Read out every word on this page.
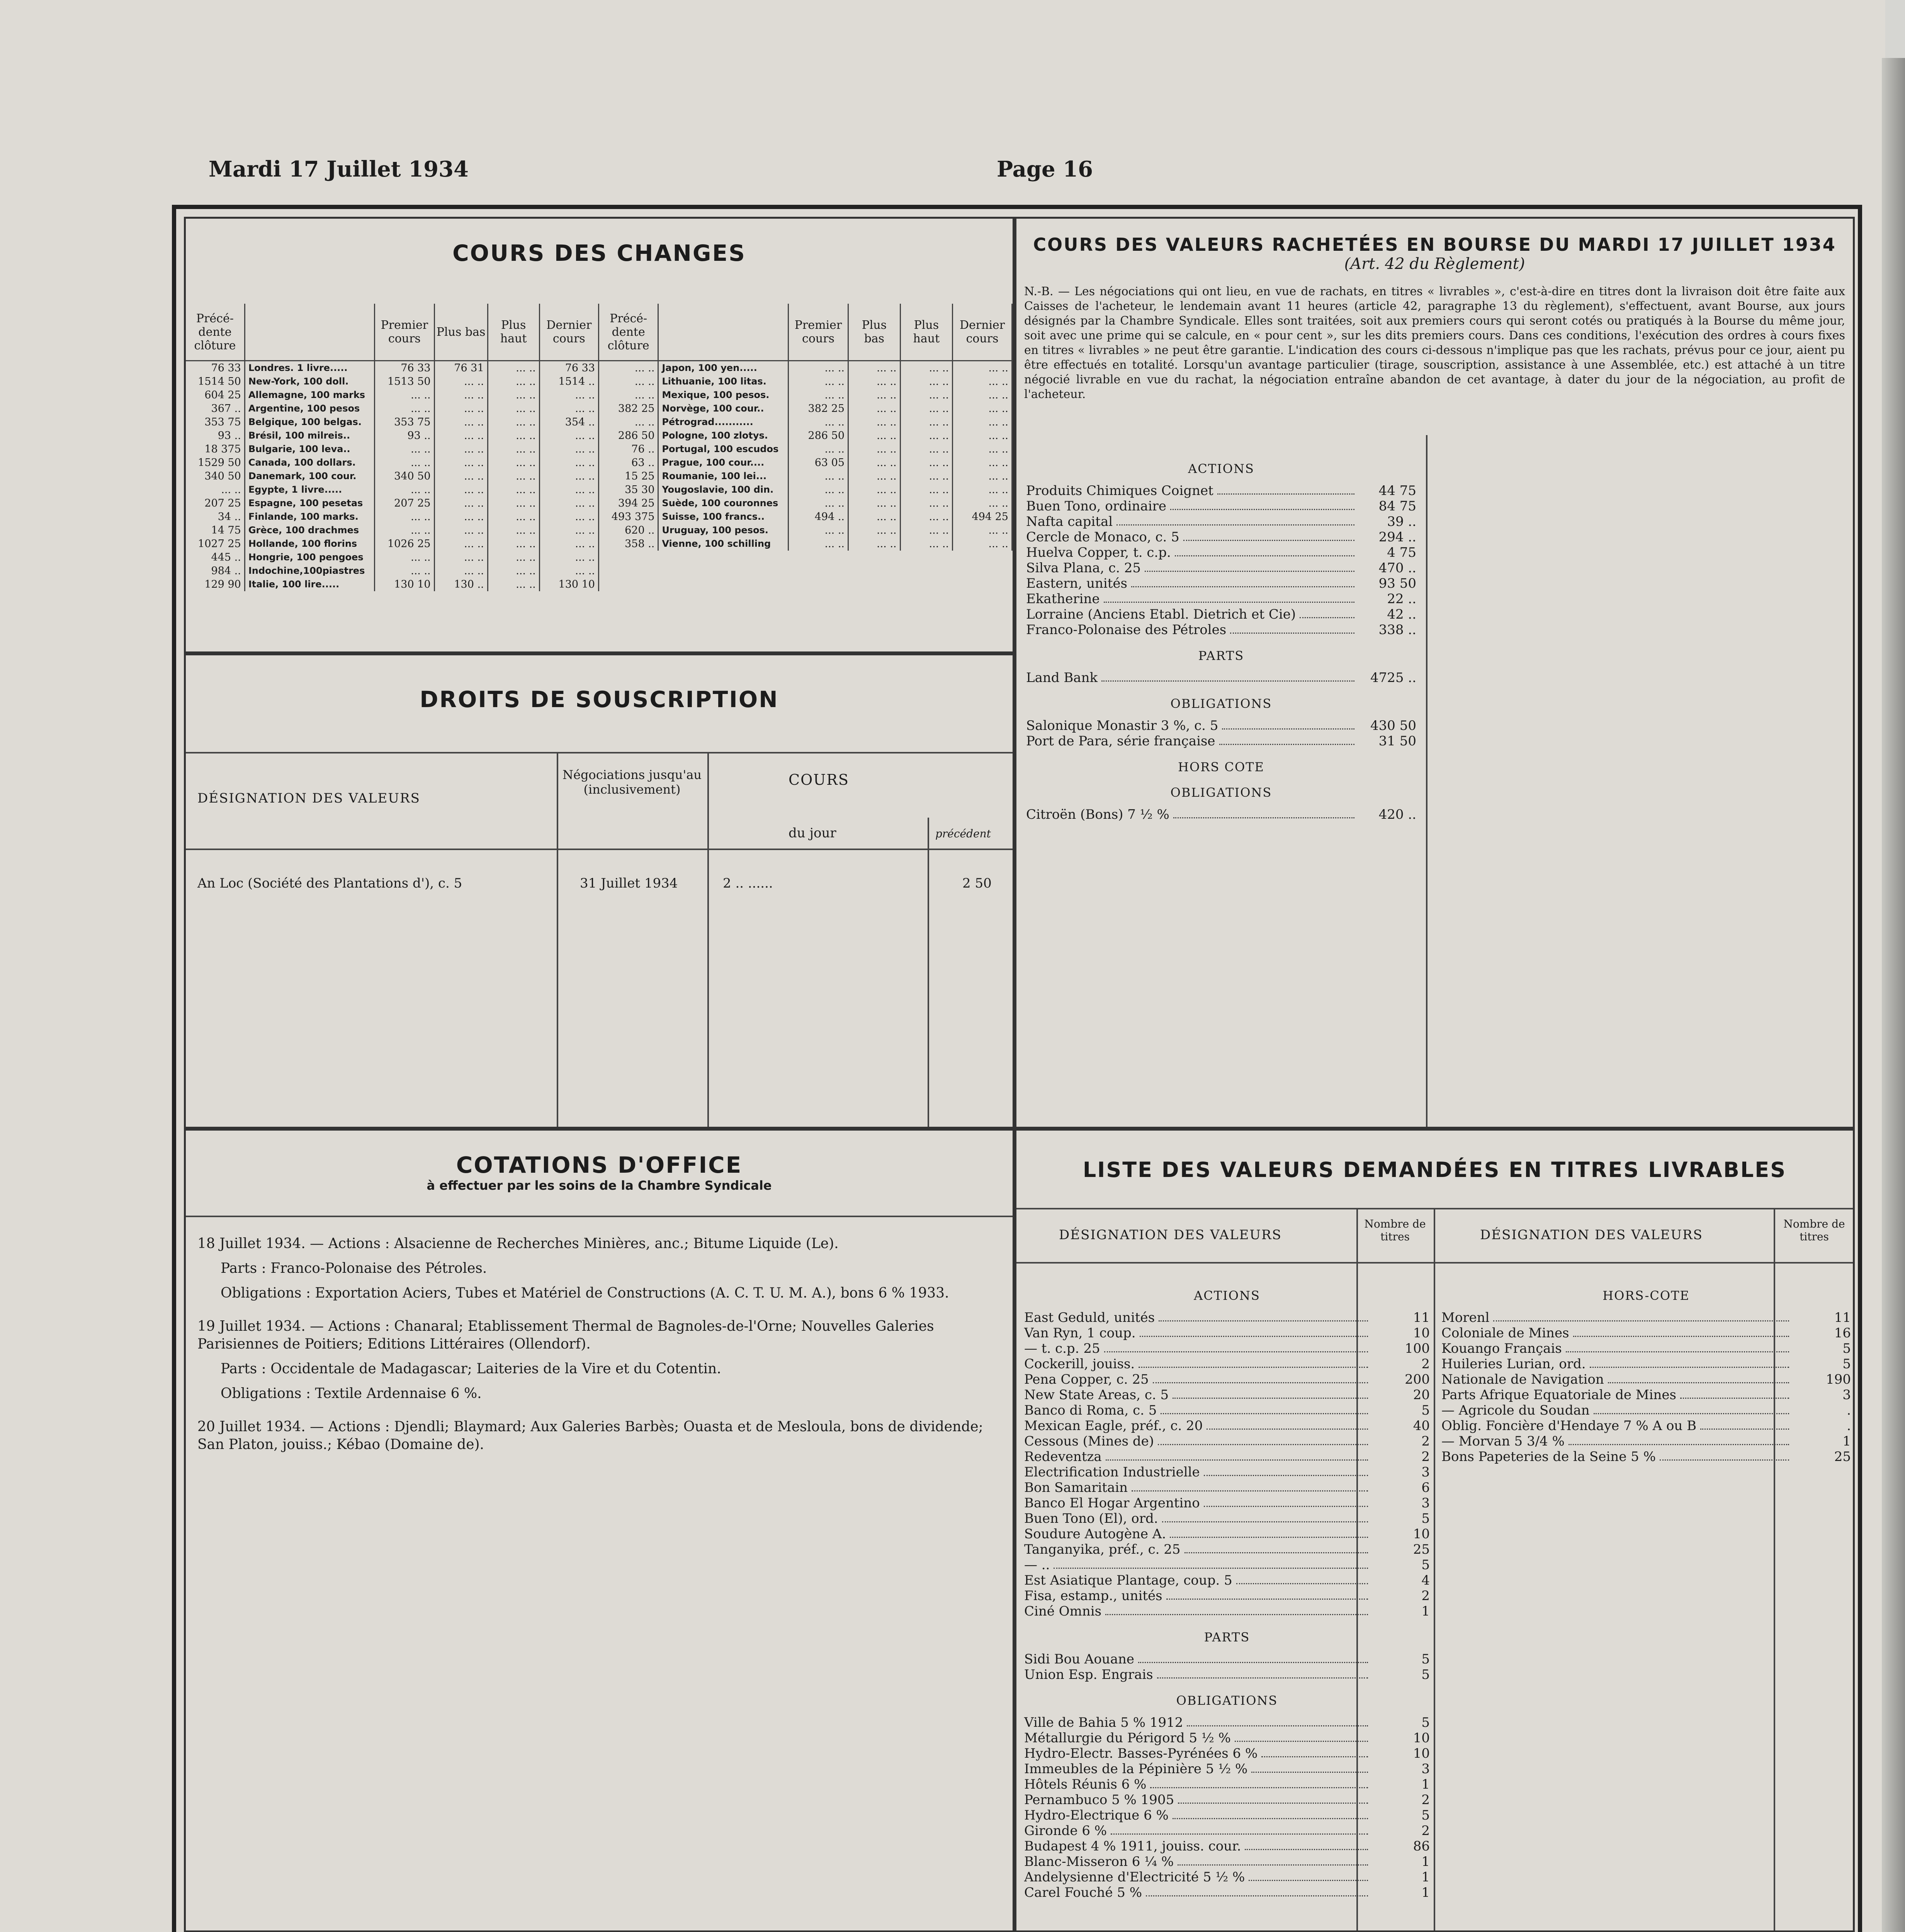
Mardi 17 Juillet 1934	Page 16
COURS DES CHANGES
Précé-dente clôture		Premier cours	Plus bas	Plus haut	Dernier cours
76 33	Londres. 1 livre.....	76 33	76 31	... ..	76 33
1514 50	New-York, 100 doll.	1513 50	... ..	... ..	1514 ..
604 25	Allemagne, 100 marks	... ..	... ..	... ..	... ..
367 ..	Argentine, 100 pesos	... ..	... ..	... ..	... ..
353 75	Belgique, 100 belgas.	353 75	... ..	... ..	354 ..
93 ..	Brésil, 100 milreis..	93 ..	... ..	... ..	... ..
18 375	Bulgarie, 100 leva..	... ..	... ..	... ..	... ..
1529 50	Canada, 100 dollars.	... ..	... ..	... ..	... ..
340 50	Danemark, 100 cour.	340 50	... ..	... ..	... ..
... ..	Egypte, 1 livre.....	... ..	... ..	... ..	... ..
207 25	Espagne, 100 pesetas	207 25	... ..	... ..	... ..
34 ..	Finlande, 100 marks.	... ..	... ..	... ..	... ..
14 75	Grèce, 100 drachmes	... ..	... ..	... ..	... ..
1027 25	Hollande, 100 florins	1026 25	... ..	... ..	... ..
445 ..	Hongrie, 100 pengoes	... ..	... ..	... ..	... ..
984 ..	Indochine,100piastres	... ..	... ..	... ..	... ..
129 90	Italie, 100 lire.....	130 10	130 ..	... ..	130 10
Précé-dente clôture		Premier cours	Plus bas	Plus haut	Dernier cours
... ..	Japon, 100 yen.....	... ..	... ..	... ..	... ..
... ..	Lithuanie, 100 litas.	... ..	... ..	... ..	... ..
... ..	Mexique, 100 pesos.	... ..	... ..	... ..	... ..
382 25	Norvège, 100 cour..	382 25	... ..	... ..	... ..
... ..	Pétrograd...........	... ..	... ..	... ..	... ..
286 50	Pologne, 100 zlotys.	286 50	... ..	... ..	... ..
76 ..	Portugal, 100 escudos	... ..	... ..	... ..	... ..
63 ..	Prague, 100 cour....	63 05	... ..	... ..	... ..
15 25	Roumanie, 100 lei...	... ..	... ..	... ..	... ..
35 30	Yougoslavie, 100 din.	... ..	... ..	... ..	... ..
394 25	Suède, 100 couronnes	... ..	... ..	... ..	... ..
493 375	Suisse, 100 francs..	494 ..	... ..	... ..	494 25
620 ..	Uruguay, 100 pesos.	... ..	... ..	... ..	... ..
358 ..	Vienne, 100 schilling	... ..	... ..	... ..	... ..
DROITS DE SOUSCRIPTION
DÉSIGNATION DES VALEURS
Négociations jusqu'au (inclusivement)
COURS
du jour	précédent
An Loc (Société des Plantations d'), c. 5	31 Juillet 1934	2 .. ......	2 50
COURS DES VALEURS RACHETÉES EN BOURSE DU MARDI 17 JUILLET 1934
(Art. 42 du Règlement)
N.-B. — Les négociations qui ont lieu, en vue de rachats, en titres « livrables », c'est-à-dire en titres dont la livraison doit être faite aux Caisses de l'acheteur, le lendemain avant 11 heures (article 42, paragraphe 13 du règlement), s'effectuent, avant Bourse, aux jours désignés par la Chambre Syndicale. Elles sont traitées, soit aux premiers cours qui seront cotés ou pratiqués à la Bourse du même jour, soit avec une prime qui se calcule, en « pour cent », sur les dits premiers cours. Dans ces conditions, l'exécution des ordres à cours fixes en titres « livrables » ne peut être garantie. L'indication des cours ci-dessous n'implique pas que les rachats, prévus pour ce jour, aient pu être effectués en totalité. Lorsqu'un avantage particulier (tirage, souscription, assistance à une Assemblée, etc.) est attaché à un titre négocié livrable en vue du rachat, la négociation entraîne abandon de cet avantage, à dater du jour de la négociation, au profit de l'acheteur.
ACTIONS
Produits Chimiques Coignet	44 75
Buen Tono, ordinaire	84 75
Nafta capital	39 ..
Cercle de Monaco, c. 5	294 ..
Huelva Copper, t. c.p.	4 75
Silva Plana, c. 25	470 ..
Eastern, unités	93 50
Ekatherine	22 ..
Lorraine (Anciens Etabl. Dietrich et Cie)	42 ..
Franco-Polonaise des Pétroles	338 ..
PARTS
Land Bank	4725 ..
OBLIGATIONS
Salonique Monastir 3 %, c. 5	430 50
Port de Para, série française	31 50
HORS COTE
OBLIGATIONS
Citroën (Bons) 7 ½ %	420 ..
COTATIONS D'OFFICE
à effectuer par les soins de la Chambre Syndicale

18 Juillet 1934. — Actions : Alsacienne de Recherches Minières, anc.; Bitume Liquide (Le).

Parts : Franco-Polonaise des Pétroles.

Obligations : Exportation Aciers, Tubes et Matériel de Constructions (A. C. T. U. M. A.), bons 6 % 1933.

19 Juillet 1934. — Actions : Chanaral; Etablissement Thermal de Bagnoles-de-l'Orne; Nouvelles Galeries Parisiennes de Poitiers; Editions Littéraires (Ollendorf).

Parts : Occidentale de Madagascar; Laiteries de la Vire et du Cotentin.

Obligations : Textile Ardennaise 6 %.

20 Juillet 1934. — Actions : Djendli; Blaymard; Aux Galeries Barbès; Ouasta et de Mesloula, bons de dividende; San Platon, jouiss.; Kébao (Domaine de).

LISTE DES VALEURS DEMANDÉES EN TITRES LIVRABLES
DÉSIGNATION DES VALEURS
Nombre de titres	DÉSIGNATION DES VALEURS
Nombre de titres
ACTIONS
East Geduld, unités	11
Van Ryn, 1 coup.	10
— t. c.p. 25	100
Cockerill, jouiss.	2
Pena Copper, c. 25	200
New State Areas, c. 5	20
Banco di Roma, c. 5	5
Mexican Eagle, préf., c. 20	40
Cessous (Mines de)	2
Redeventza	2
Electrification Industrielle	3
Bon Samaritain	6
Banco El Hogar Argentino	3
Buen Tono (El), ord.	5
Soudure Autogène A.	10
Tanganyika, préf., c. 25	25
— ..	5
Est Asiatique Plantage, coup. 5	4
Fisa, estamp., unités	2
Ciné Omnis	1
PARTS
Sidi Bou Aouane	5
Union Esp. Engrais	5
OBLIGATIONS
Ville de Bahia 5 % 1912	5
Métallurgie du Périgord 5 ½ %	10
Hydro-Electr. Basses-Pyrénées 6 %	10
Immeubles de la Pépinière 5 ½ %	3
Hôtels Réunis 6 %	1
Pernambuco 5 % 1905	2
Hydro-Electrique 6 %	5
Gironde 6 %	2
Budapest 4 % 1911, jouiss. cour.	86
Blanc-Misseron 6 ¼ %	1
Andelysienne d'Electricité 5 ½ %	1
Carel Fouché 5 %	1
HORS-COTE
Morenl	11
Coloniale de Mines	16
Kouango Français	5
Huileries Lurian, ord.	5
Nationale de Navigation	190
Parts Afrique Equatoriale de Mines	3
— Agricole du Soudan	.
Oblig. Foncière d'Hendaye 7 % A ou B	.
— Morvan 5 3/4 %	1
Bons Papeteries de la Seine 5 %	25
